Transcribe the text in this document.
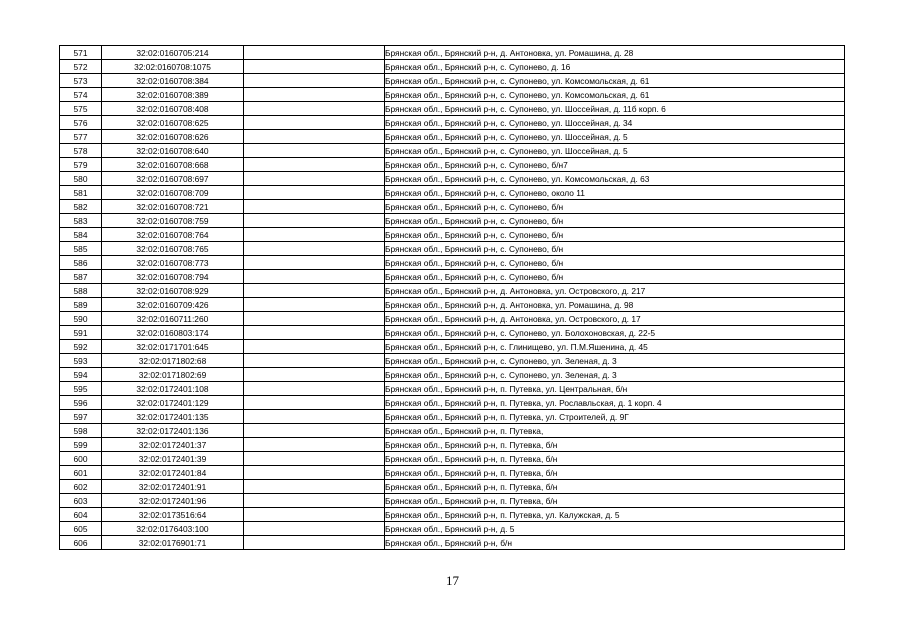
571	32:02:0160705:214		Брянская обл., Брянский р-н, д. Антоновка, ул. Ромашина, д. 28
572	32:02:0160708:1075		Брянская обл., Брянский р-н, с. Супонево, д. 16
573	32:02:0160708:384		Брянская обл., Брянский р-н, с. Супонево, ул. Комсомольская, д. 61
574	32:02:0160708:389		Брянская обл., Брянский р-н, с. Супонево, ул. Комсомольская, д. 61
575	32:02:0160708:408		Брянская обл., Брянский р-н, с. Супонево, ул. Шоссейная, д. 11б корп. 6
576	32:02:0160708:625		Брянская обл., Брянский р-н, с. Супонево, ул. Шоссейная, д. 34
577	32:02:0160708:626		Брянская обл., Брянский р-н, с. Супонево, ул. Шоссейная, д. 5
578	32:02:0160708:640		Брянская обл., Брянский р-н, с. Супонево, ул. Шоссейная, д. 5
579	32:02:0160708:668		Брянская обл., Брянский р-н, с. Супонево, б/н7
580	32:02:0160708:697		Брянская обл., Брянский р-н, с. Супонево, ул. Комсомольская, д. 63
581	32:02:0160708:709		Брянская обл., Брянский р-н, с. Супонево, около 11
582	32:02:0160708:721		Брянская обл., Брянский р-н, с. Супонево, б/н
583	32:02:0160708:759		Брянская обл., Брянский р-н, с. Супонево, б/н
584	32:02:0160708:764		Брянская обл., Брянский р-н, с. Супонево, б/н
585	32:02:0160708:765		Брянская обл., Брянский р-н, с. Супонево, б/н
586	32:02:0160708:773		Брянская обл., Брянский р-н, с. Супонево, б/н
587	32:02:0160708:794		Брянская обл., Брянский р-н, с. Супонево, б/н
588	32:02:0160708:929		Брянская обл., Брянский р-н, д. Антоновка, ул. Островского, д. 217
589	32:02:0160709:426		Брянская обл., Брянский р-н, д. Антоновка, ул. Ромашина, д. 98
590	32:02:0160711:260		Брянская обл., Брянский р-н, д. Антоновка, ул. Островского, д. 17
591	32:02:0160803:174		Брянская обл., Брянский р-н, с. Супонево, ул. Болохоновская, д. 22-5
592	32:02:0171701:645		Брянская обл., Брянский р-н, с. Глинищево, ул. П.М.Яшенина, д. 45
593	32:02:0171802:68		Брянская обл., Брянский р-н, с. Супонево, ул. Зеленая, д. 3
594	32:02:0171802:69		Брянская обл., Брянский р-н, с. Супонево, ул. Зеленая, д. 3
595	32:02:0172401:108		Брянская обл., Брянский р-н, п. Путевка, ул. Центральная, б/н
596	32:02:0172401:129		Брянская обл., Брянский р-н, п. Путевка, ул. Рославльская, д. 1 корп. 4
597	32:02:0172401:135		Брянская обл., Брянский р-н, п. Путевка, ул. Строителей, д. 9Г
598	32:02:0172401:136		Брянская обл., Брянский р-н, п. Путевка,
599	32:02:0172401:37		Брянская обл., Брянский р-н, п. Путевка, б/н
600	32:02:0172401:39		Брянская обл., Брянский р-н, п. Путевка, б/н
601	32:02:0172401:84		Брянская обл., Брянский р-н, п. Путевка, б/н
602	32:02:0172401:91		Брянская обл., Брянский р-н, п. Путевка, б/н
603	32:02:0172401:96		Брянская обл., Брянский р-н, п. Путевка, б/н
604	32:02:0173516:64		Брянская обл., Брянский р-н, п. Путевка, ул. Калужская, д. 5
605	32:02:0176403:100		Брянская обл., Брянский р-н, д. 5
606	32:02:0176901:71		Брянская обл., Брянский р-н, б/н
17
